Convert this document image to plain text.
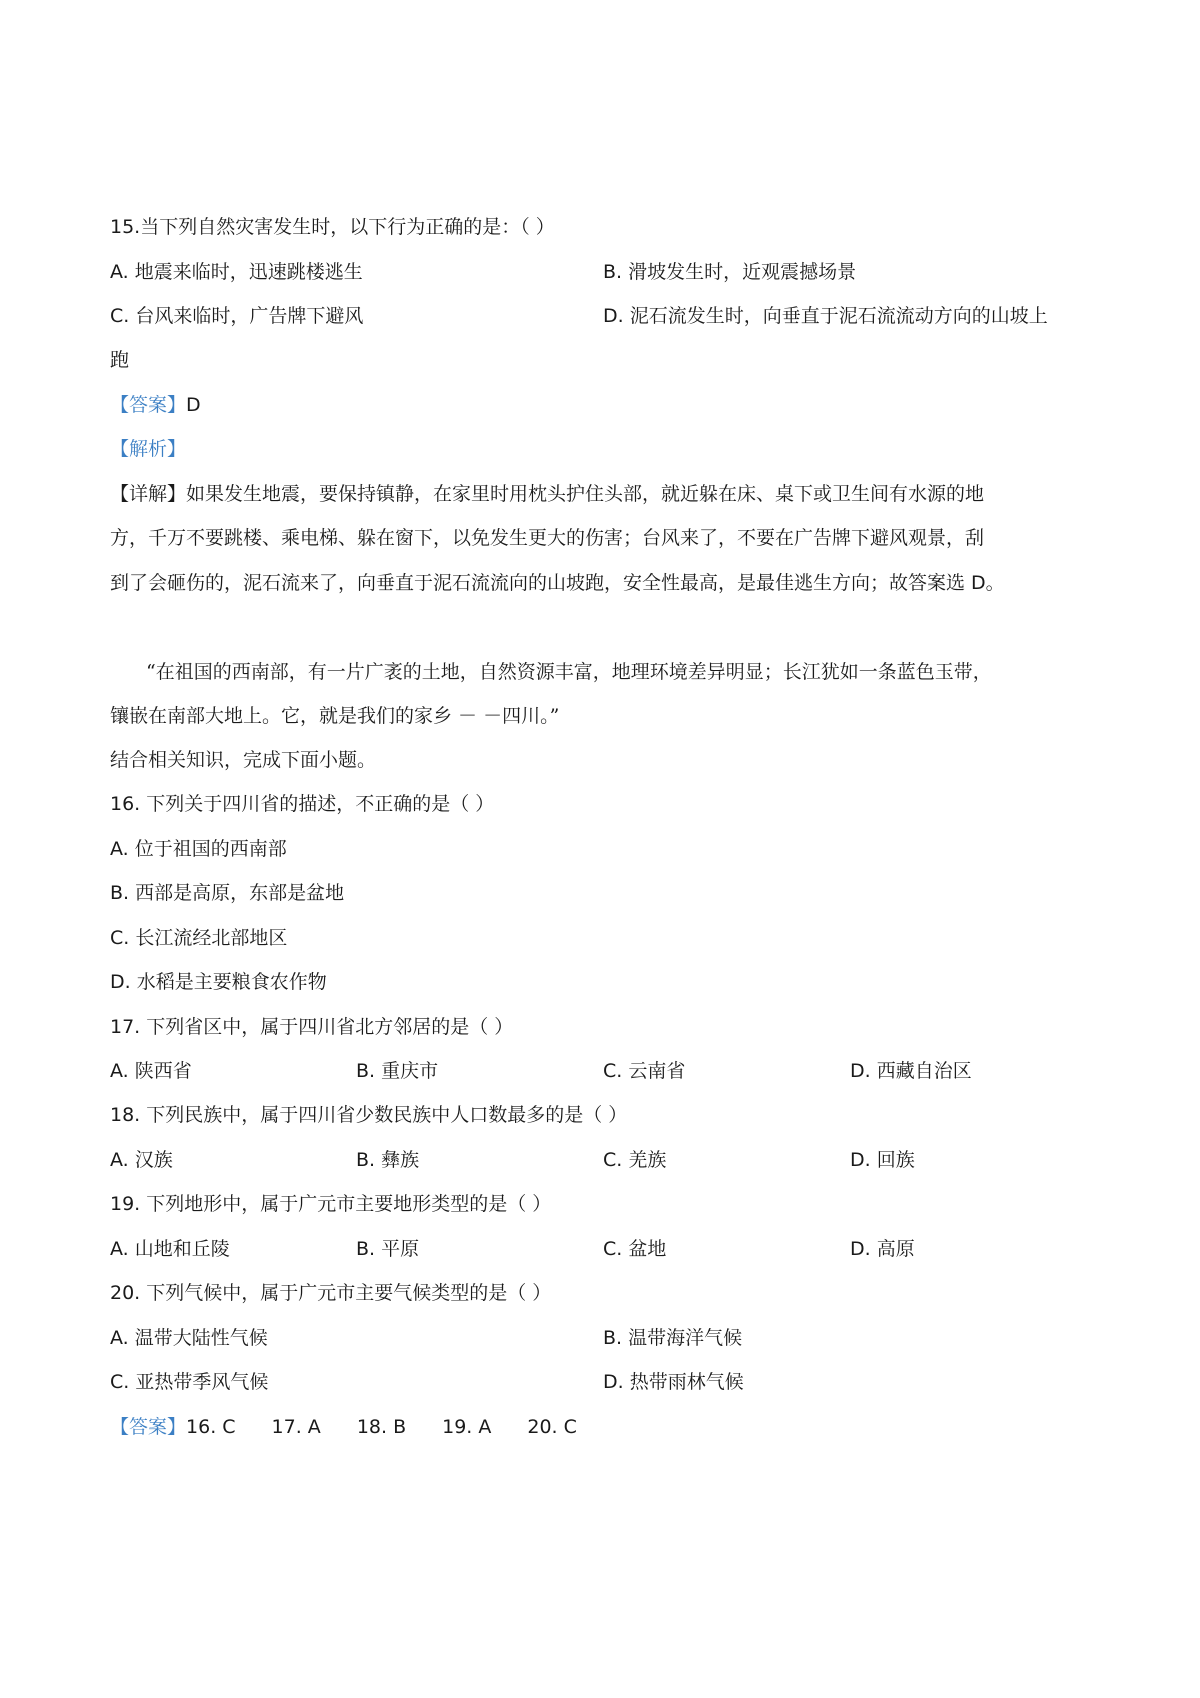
15.当下列自然灾害发生时，以下行为正确的是：（ ）
A. 地震来临时，迅速跳楼逃生	B. 滑坡发生时，近观震撼场景
C. 台风来临时，广告牌下避风	D. 泥石流发生时，向垂直于泥石流流动方向的山坡上
跑
【答案】D
【解析】
【详解】如果发生地震，要保持镇静，在家里时用枕头护住头部，就近躲在床、桌下或卫生间有水源的地
方，千万不要跳楼、乘电梯、躲在窗下，以免发生更大的伤害；台风来了，不要在广告牌下避风观景，刮
到了会砸伤的，泥石流来了，向垂直于泥石流流向的山坡跑，安全性最高，是最佳逃生方向；故答案选 D。
“在祖国的西南部，有一片广袤的土地，自然资源丰富，地理环境差异明显；长江犹如一条蓝色玉带，
镶嵌在南部大地上。它，就是我们的家乡 － －四川。”
结合相关知识，完成下面小题。
16. 下列关于四川省的描述，不正确的是（ ）
A. 位于祖国的西南部
B. 西部是高原，东部是盆地
C. 长江流经北部地区
D. 水稻是主要粮食农作物
17. 下列省区中，属于四川省北方邻居的是（ ）
A. 陕西省	B. 重庆市	C. 云南省	D. 西藏自治区
18. 下列民族中，属于四川省少数民族中人口数最多的是（ ）
A. 汉族	B. 彝族	C. 羌族	D. 回族
19. 下列地形中，属于广元市主要地形类型的是（ ）
A. 山地和丘陵	B. 平原	C. 盆地	D. 高原
20. 下列气候中，属于广元市主要气候类型的是（ ）
A. 温带大陆性气候	B. 温带海洋气候
C. 亚热带季风气候	D. 热带雨林气候
【答案】16. C 17. A 18. B 19. A 20. C
